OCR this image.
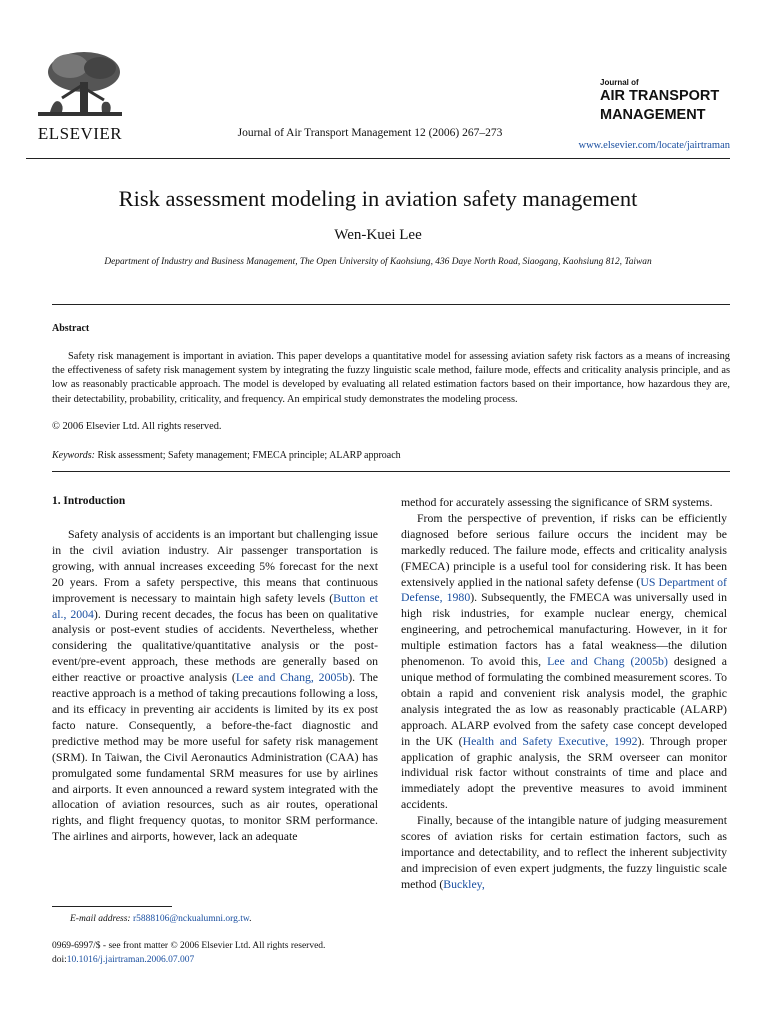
ELSEVIER	Journal of Air Transport Management 12 (2006) 267–273
Journal of
AIR TRANSPORT
MANAGEMENT
www.elsevier.com/locate/jairtraman
Risk assessment modeling in aviation safety management
Wen-Kuei Lee
Department of Industry and Business Management, The Open University of Kaohsiung, 436 Daye North Road, Siaogang, Kaohsiung 812, Taiwan
Abstract
Safety risk management is important in aviation. This paper develops a quantitative model for assessing aviation safety risk factors as a means of increasing the effectiveness of safety risk management system by integrating the fuzzy linguistic scale method, failure mode, effects and criticality analysis principle, and as low as reasonably practicable approach. The model is developed by evaluating all related estimation factors based on their importance, how hazardous they are, their detectability, probability, criticality, and frequency. An empirical study demonstrates the modeling process.
© 2006 Elsevier Ltd. All rights reserved.
Keywords: Risk assessment; Safety management; FMECA principle; ALARP approach
1. Introduction

Safety analysis of accidents is an important but challenging issue in the civil aviation industry. Air passenger transportation is growing, with annual increases exceeding 5% forecast for the next 20 years. From a safety perspective, this means that continuous improvement is necessary to maintain high safety levels (Button et al., 2004). During recent decades, the focus has been on qualitative analysis or post-event studies of accidents. Nevertheless, whether considering the qualitative/quantitative analysis or the post-event/pre-event approach, these methods are generally based on either reactive or proactive analysis (Lee and Chang, 2005b). The reactive approach is a method of taking precautions following a loss, and its efficacy in preventing air accidents is limited by its ex post facto nature. Consequently, a before-the-fact diagnostic and predictive method may be more useful for safety risk management (SRM). In Taiwan, the Civil Aeronautics Administration (CAA) has promulgated some fundamental SRM measures for use by airlines and airports. It even announced a reward system integrated with the allocation of aviation resources, such as air routes, operational rights, and flight frequency quotas, to monitor SRM performance. The airlines and airports, however, lack an adequate

method for accurately assessing the significance of SRM systems.

From the perspective of prevention, if risks can be efficiently diagnosed before serious failure occurs the incident may be markedly reduced. The failure mode, effects and criticality analysis (FMECA) principle is a useful tool for considering risk. It has been extensively applied in the national safety defense (US Department of Defense, 1980). Subsequently, the FMECA was universally used in high risk industries, for example nuclear energy, chemical engineering, and petrochemical manufacturing. However, in it for multiple estimation factors has a fatal weakness—the dilution phenomenon. To avoid this, Lee and Chang (2005b) designed a unique method of formulating the combined measurement scores. To obtain a rapid and convenient risk analysis model, the graphic analysis integrated the as low as reasonably practicable (ALARP) approach. ALARP evolved from the safety case concept developed in the UK (Health and Safety Executive, 1992). Through proper application of graphic analysis, the SRM overseer can monitor individual risk factor without constraints of time and place and immediately adopt the preventive measures to avoid imminent accidents.

Finally, because of the intangible nature of judging measurement scores of aviation risks for certain estimation factors, such as importance and detectability, and to reflect the inherent subjectivity and imprecision of even expert judgments, the fuzzy linguistic scale method (Buckley,

E-mail address: r5888106@nckualumni.org.tw.
0969-6997/$ - see front matter © 2006 Elsevier Ltd. All rights reserved.
doi:10.1016/j.jairtraman.2006.07.007
